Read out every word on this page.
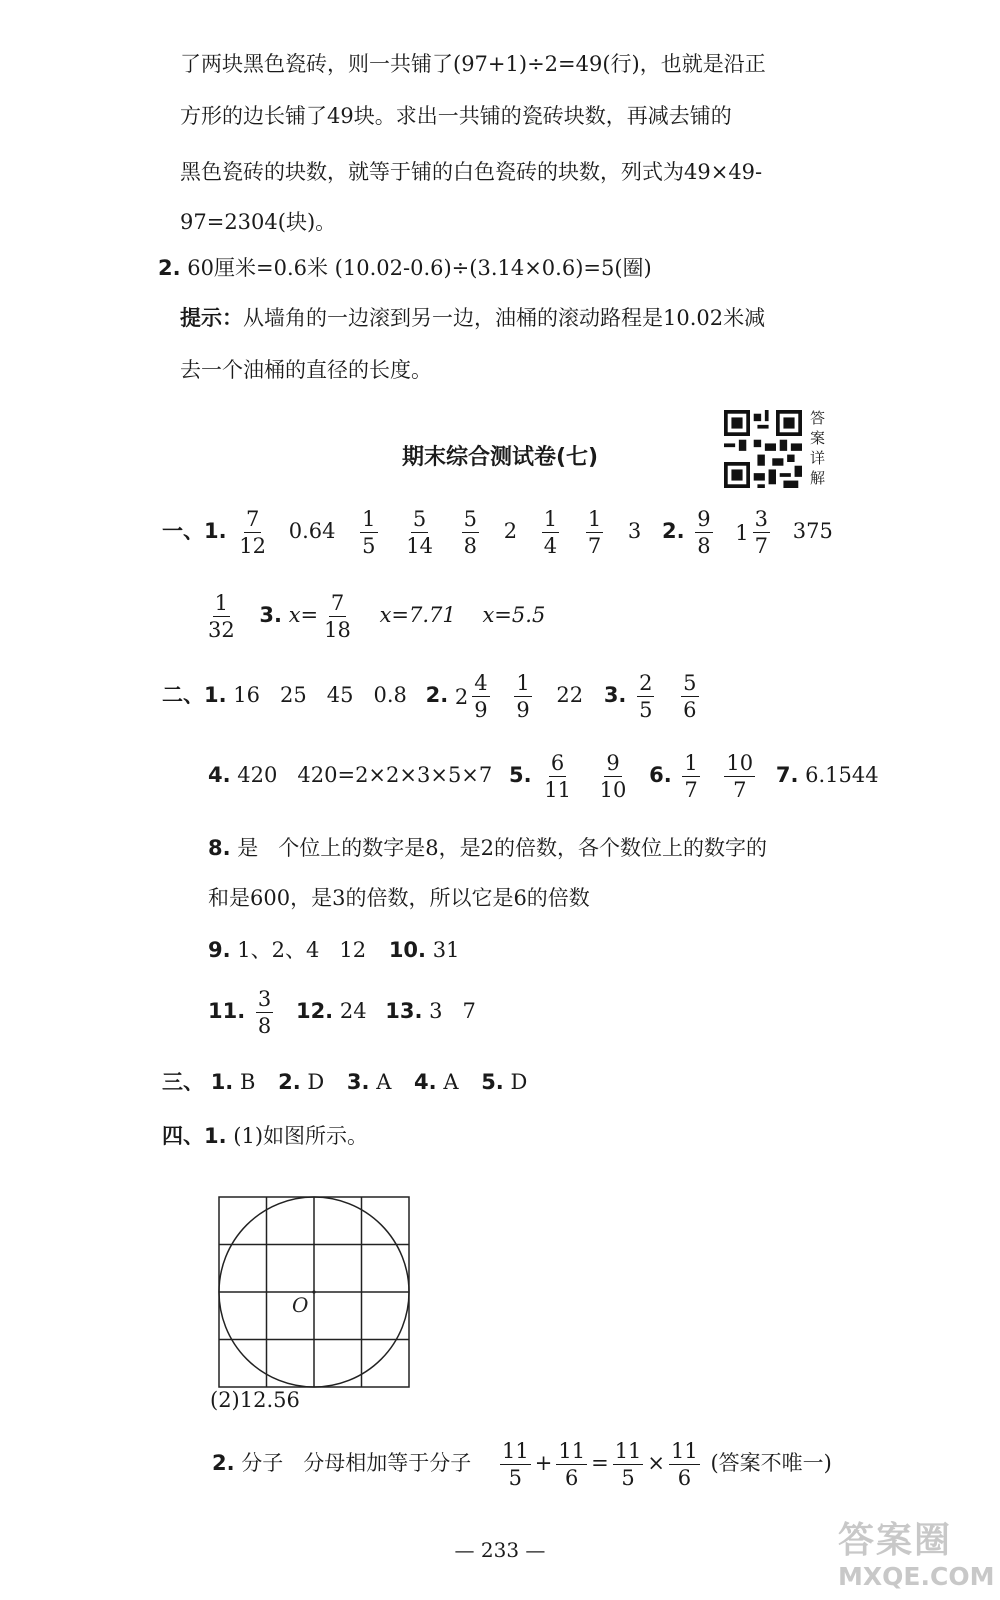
了两块黑色瓷砖，则一共铺了(97+1)÷2=49(行)，也就是沿正
方形的边长铺了49块。求出一共铺的瓷砖块数，再减去铺的
黑色瓷砖的块数，就等于铺的白色瓷砖的块数，列式为49×49-
97=2304(块)。
2. 60厘米=0.6米 (10.02-0.6)÷(3.14×0.6)=5(圈)
提示：从墙角的一边滚到另一边，油桶的滚动路程是10.02米减
去一个油桶的直径的长度。
期末综合测试卷(七)
答案详解
一、1. $\frac{7}{12} 0.64 \frac{1}{5}$
$\frac{5}{14}$
$\frac{5}{8} 2 \frac{1}{4}$
$\frac{1}{7} 3$ 2. $\frac{9}{8}$
$1 \frac{3}{7} 375$
$\frac{1}{32} 3$. $x= \frac{7}{18} x=7.71$ x=5.5
二、1. 16   25   45   0.8 2. $2 \frac{4}{9}$
$\frac{1}{9} 22$ 3. $\frac{2}{5}$
$\frac{5}{6}$
4. 420   420=2×2×3×5×7 5. $\frac{6}{11}$
$\frac{9}{10} 6$. $\frac{1}{7}$
$\frac{10}{7} 7$. 6.1544
8. 是   个位上的数字是8，是2的倍数，各个数位上的数字的
和是600，是3的倍数，所以它是6的倍数
9. 1、2、4   12 10. 31
11. $\frac{3}{8} 12$. 24 13. 3   7
三、 1. B 2. D 3. A 4. A 5. D
四、1. (1)如图所示。
O
(2)12.56
2. 分子   分母相加等于分子 $\frac{11}{5} + \frac{11}{6} = \frac{11}{5} \times \frac{11}{6}$ (答案不唯一)
— 233 —	答案圈
MXQE.COM
